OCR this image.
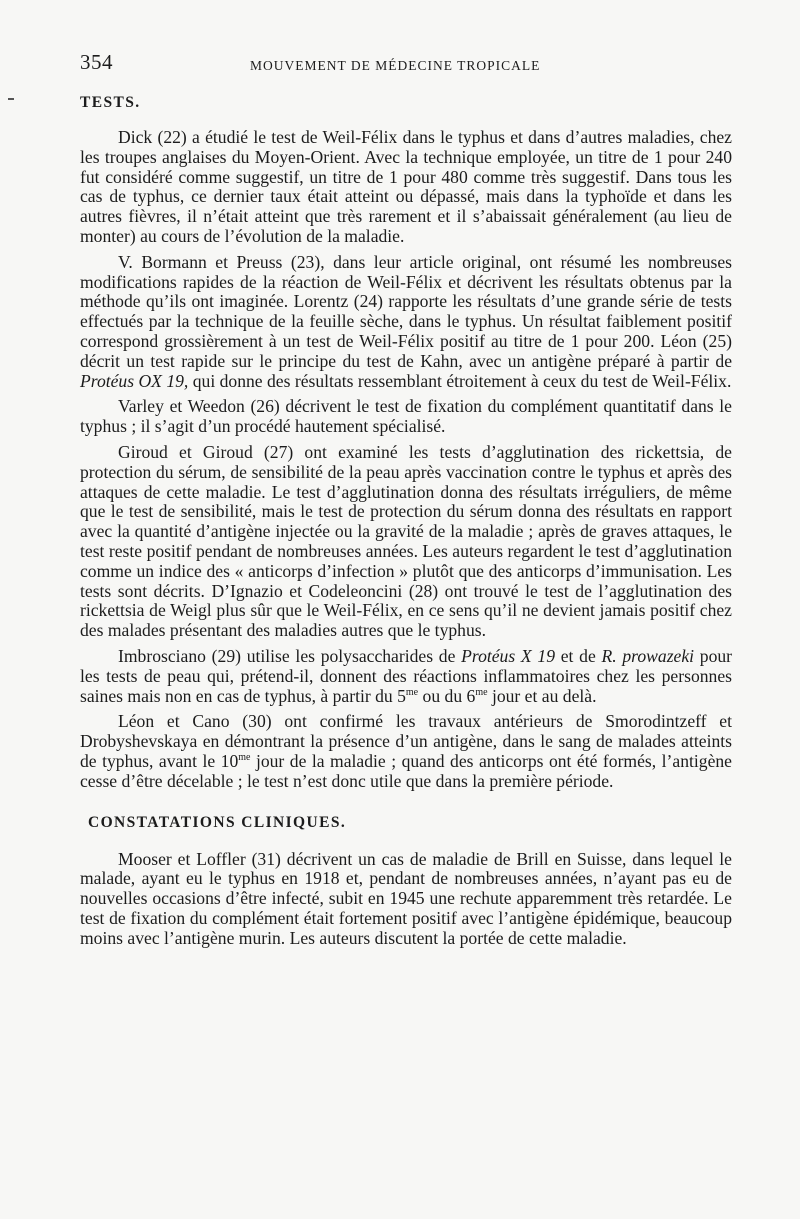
354	MOUVEMENT DE MÉDECINE TROPICALE
TESTS.

Dick (22) a étudié le test de Weil-Félix dans le typhus et dans d’autres maladies, chez les troupes anglaises du Moyen-Orient. Avec la technique employée, un titre de 1 pour 240 fut considéré comme suggestif, un titre de 1 pour 480 comme très suggestif. Dans tous les cas de typhus, ce dernier taux était atteint ou dépassé, mais dans la typhoïde et dans les autres fièvres, il n’était atteint que très rarement et il s’abaissait généralement (au lieu de monter) au cours de l’évolution de la maladie.

V. Bormann et Preuss (23), dans leur article original, ont résumé les nombreuses modifications rapides de la réaction de Weil-Félix et décrivent les résultats obtenus par la méthode qu’ils ont imaginée. Lorentz (24) rapporte les résultats d’une grande série de tests effectués par la technique de la feuille sèche, dans le typhus. Un résultat faiblement positif correspond grossièrement à un test de Weil-Félix positif au titre de 1 pour 200. Léon (25) décrit un test rapide sur le principe du test de Kahn, avec un antigène préparé à partir de Protéus OX 19, qui donne des résultats ressemblant étroitement à ceux du test de Weil-Félix.

Varley et Weedon (26) décrivent le test de fixation du complément quantitatif dans le typhus ; il s’agit d’un procédé hautement spécialisé.

Giroud et Giroud (27) ont examiné les tests d’agglutination des rickettsia, de protection du sérum, de sensibilité de la peau après vaccination contre le typhus et après des attaques de cette maladie. Le test d’agglutination donna des résultats irréguliers, de même que le test de sensibilité, mais le test de protection du sérum donna des résultats en rapport avec la quantité d’antigène injectée ou la gravité de la maladie ; après de graves attaques, le test reste positif pendant de nombreuses années. Les auteurs regardent le test d’agglutination comme un indice des « anticorps d’infection » plutôt que des anticorps d’immunisation. Les tests sont décrits. D’Ignazio et Codeleoncini (28) ont trouvé le test de l’agglutination des rickettsia de Weigl plus sûr que le Weil-Félix, en ce sens qu’il ne devient jamais positif chez des malades présentant des maladies autres que le typhus.

Imbrosciano (29) utilise les polysaccharides de Protéus X 19 et de R. prowazeki pour les tests de peau qui, prétend-il, donnent des réactions inflammatoires chez les personnes saines mais non en cas de typhus, à partir du $5^{me}$ ou du $6^{me}$ jour et au delà.

Léon et Cano (30) ont confirmé les travaux antérieurs de Smorodintzeff et Drobyshevskaya en démontrant la présence d’un antigène, dans le sang de malades atteints de typhus, avant le $10^{me}$ jour de la maladie ; quand des anticorps ont été formés, l’antigène cesse d’être décelable ; le test n’est donc utile que dans la première période.

CONSTATATIONS CLINIQUES.

Mooser et Loffler (31) décrivent un cas de maladie de Brill en Suisse, dans lequel le malade, ayant eu le typhus en 1918 et, pendant de nombreuses années, n’ayant pas eu de nouvelles occasions d’être infecté, subit en 1945 une rechute apparemment très retardée. Le test de fixation du complément était fortement positif avec l’antigène épidémique, beaucoup moins avec l’antigène murin. Les auteurs discutent la portée de cette maladie.
